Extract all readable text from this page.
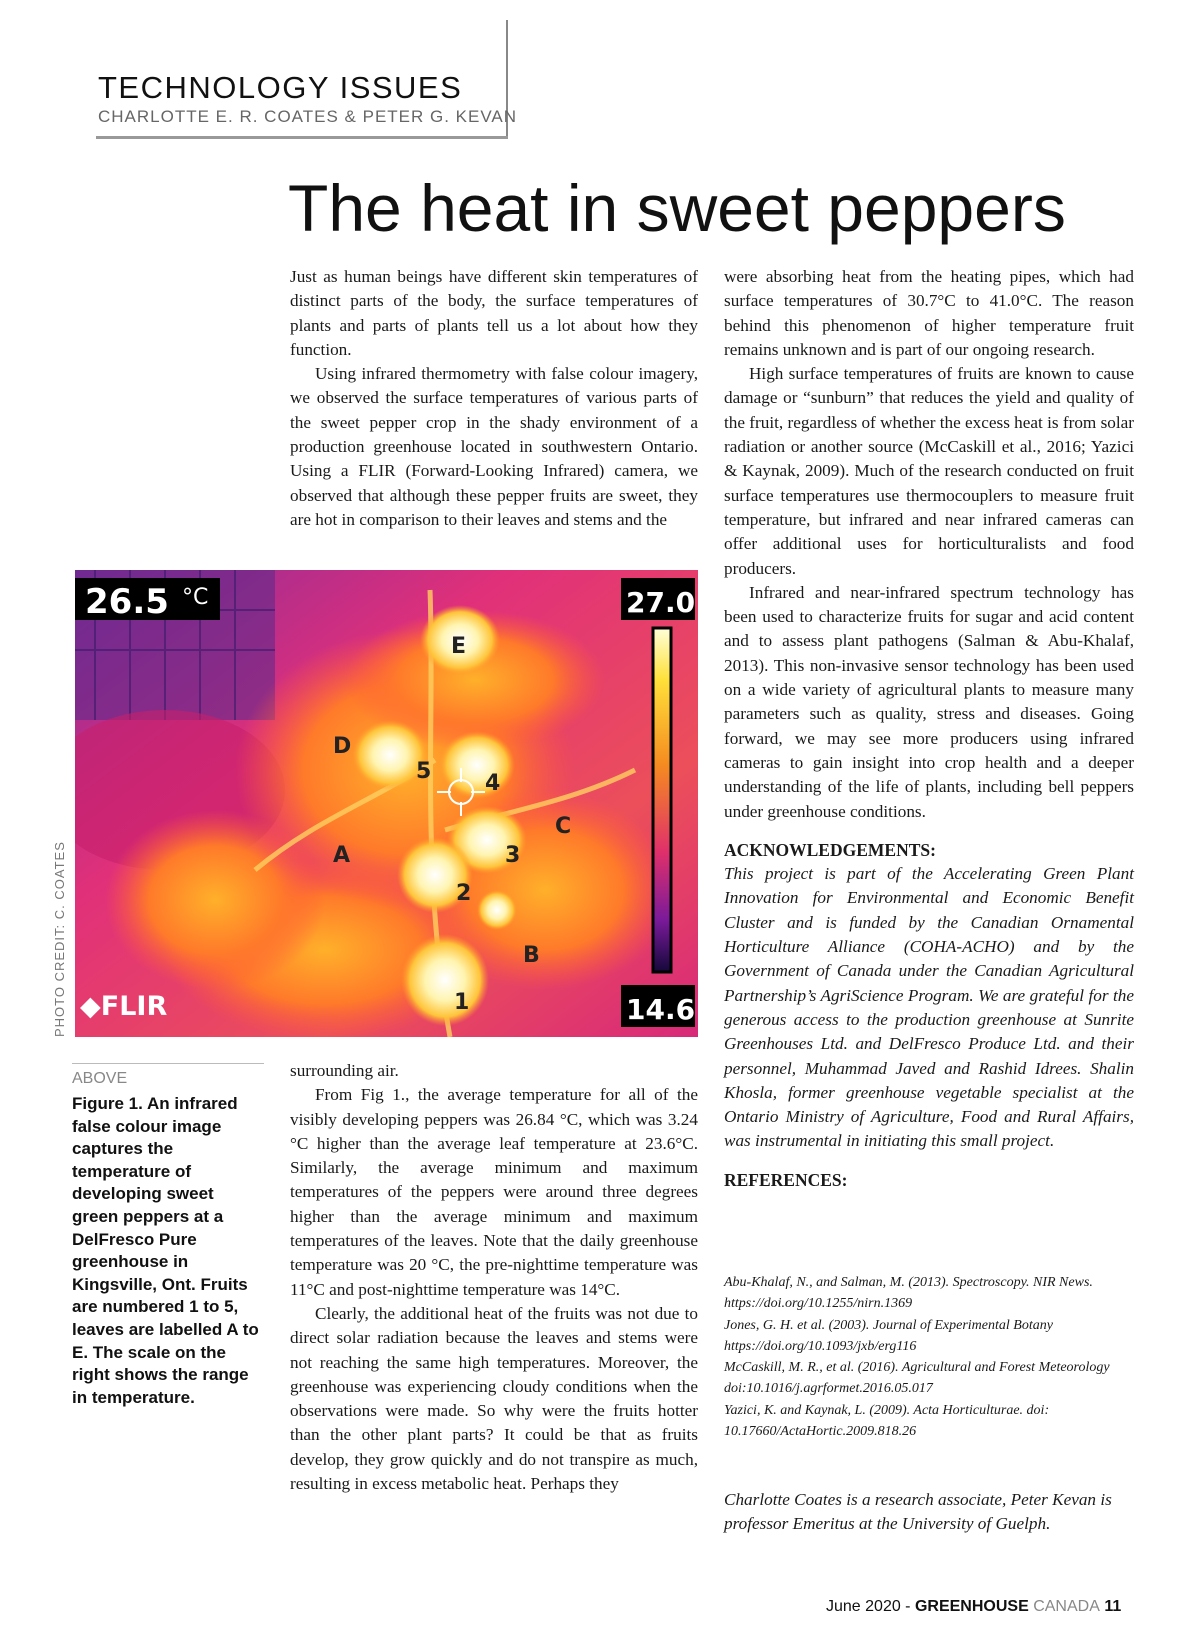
TECHNOLOGY ISSUES
CHARLOTTE E. R. COATES & PETER G. KEVAN
The heat in sweet peppers

Just as human beings have different skin temperatures of distinct parts of the body, the surface temperatures of plants and parts of plants tell us a lot about how they function.

Using infrared thermometry with false colour imagery, we observed the surface temperatures of various parts of the sweet pepper crop in the shady environment of a production greenhouse located in southwestern Ontario. Using a FLIR (Forward-Looking Infrared) camera, we observed that although these pepper fruits are sweet, they are hot in comparison to their leaves and stems and the

26.5 °C	27.0
14.6
◆FLIR	1
2
3
4
5
A
B
C
D
E
PHOTO CREDIT: C. COATES
ABOVE
Figure 1. An infrared false colour image captures the temperature of developing sweet green peppers at a DelFresco Pure greenhouse in Kingsville, Ont. Fruits are numbered 1 to 5, leaves are labelled A to E. The scale on the right shows the range in temperature.

surrounding air.

From Fig 1., the average temperature for all of the visibly developing peppers was 26.84 °C, which was 3.24 °C higher than the average leaf temperature at 23.6°C. Similarly, the average minimum and maximum temperatures of the peppers were around three degrees higher than the average minimum and maximum temperatures of the leaves. Note that the daily greenhouse temperature was 20 °C, the pre-nighttime temperature was 11°C and post-nighttime temperature was 14°C.

Clearly, the additional heat of the fruits was not due to direct solar radiation because the leaves and stems were not reaching the same high temperatures. Moreover, the greenhouse was experiencing cloudy conditions when the observations were made. So why were the fruits hotter than the other plant parts? It could be that as fruits develop, they grow quickly and do not transpire as much, resulting in excess metabolic heat. Perhaps they

were absorbing heat from the heating pipes, which had surface temperatures of 30.7°C to 41.0°C. The reason behind this phenomenon of higher temperature fruit remains unknown and is part of our ongoing research.

High surface temperatures of fruits are known to cause damage or “sunburn” that reduces the yield and quality of the fruit, regardless of whether the excess heat is from solar radiation or another source (McCaskill et al., 2016; Yazici & Kaynak, 2009). Much of the research conducted on fruit surface temperatures use thermocouplers to measure fruit temperature, but infrared and near infrared cameras can offer additional uses for horticulturalists and food producers.

Infrared and near-infrared spectrum technology has been used to characterize fruits for sugar and acid content and to assess plant pathogens (Salman & Abu-Khalaf, 2013). This non-invasive sensor technology has been used on a wide variety of agricultural plants to measure many parameters such as quality, stress and diseases. Going forward, we may see more producers using infrared cameras to gain insight into crop health and a deeper understanding of the life of plants, including bell peppers under greenhouse conditions.

ACKNOWLEDGEMENTS:

This project is part of the Accelerating Green Plant Innovation for Environmental and Economic Benefit Cluster and is funded by the Canadian Ornamental Horticulture Alliance (COHA-ACHO) and by the Government of Canada under the Canadian Agricultural Partnership’s AgriScience Program. We are grateful for the generous access to the production greenhouse at Sunrite Greenhouses Ltd. and DelFresco Produce Ltd. and their personnel, Muhammad Javed and Rashid Idrees. Shalin Khosla, former greenhouse vegetable specialist at the Ontario Ministry of Agriculture, Food and Rural Affairs, was instrumental in initiating this small project.

REFERENCES:
Abu-Khalaf, N., and Salman, M. (2013). Spectroscopy. NIR News. https://doi.org/10.1255/nirn.1369
Jones, G. H. et al. (2003). Journal of Experimental Botany https://doi.org/10.1093/jxb/erg116
McCaskill, M. R., et al. (2016). Agricultural and Forest Meteorology doi:10.1016/j.agrformet.2016.05.017
Yazici, K. and Kaynak, L. (2009). Acta Horticulturae. doi: 10.17660/ActaHortic.2009.818.26
Charlotte Coates is a research associate, Peter Kevan is professor Emeritus at the University of Guelph.
June 2020 - GREENHOUSE CANADA 11
